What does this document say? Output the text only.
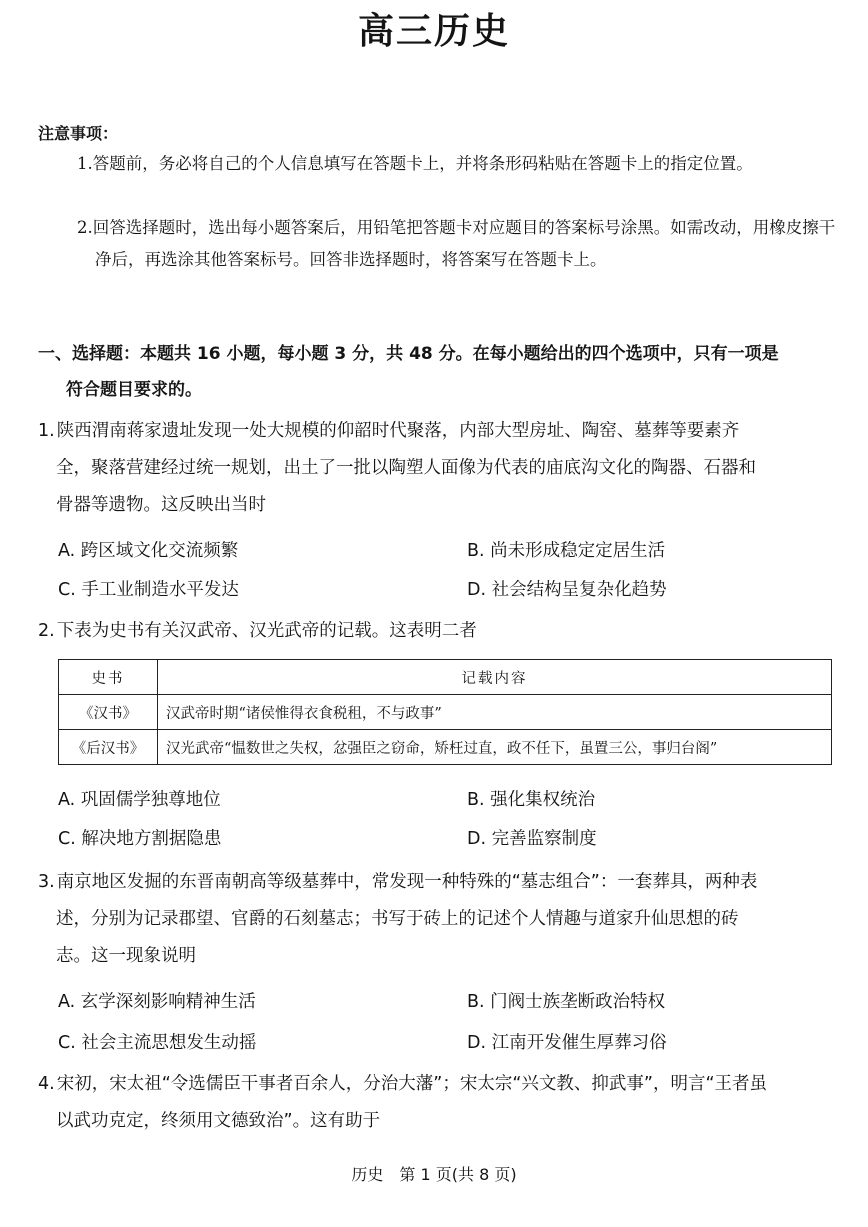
高三历史
注意事项：
1.答题前，务必将自己的个人信息填写在答题卡上，并将条形码粘贴在答题卡上的指定位置。
2.回答选择题时，选出每小题答案后，用铅笔把答题卡对应题目的答案标号涂黑。如需改动，用橡皮擦干净后，再选涂其他答案标号。回答非选择题时，将答案写在答题卡上。
一、选择题：本题共 16 小题，每小题 3 分，共 48 分。在每小题给出的四个选项中，只有一项是
符合题目要求的。
1. 陕西渭南蒋家遗址发现一处大规模的仰韶时代聚落，内部大型房址、陶窑、墓葬等要素齐
全，聚落营建经过统一规划，出土了一批以陶塑人面像为代表的庙底沟文化的陶器、石器和
骨器等遗物。这反映出当时
A. 跨区域文化交流频繁	B. 尚未形成稳定定居生活
C. 手工业制造水平发达	D. 社会结构呈复杂化趋势
2. 下表为史书有关汉武帝、汉光武帝的记载。这表明二者
史书	记载内容
《汉书》	汉武帝时期“诸侯惟得衣食税租，不与政事”
《后汉书》	汉光武帝“愠数世之失权，忿强臣之窃命，矫枉过直，政不任下，虽置三公，事归台阁”
A. 巩固儒学独尊地位	B. 强化集权统治
C. 解决地方割据隐患	D. 完善监察制度
3. 南京地区发掘的东晋南朝高等级墓葬中，常发现一种特殊的“墓志组合”：一套葬具，两种表
述，分别为记录郡望、官爵的石刻墓志；书写于砖上的记述个人情趣与道家升仙思想的砖
志。这一现象说明
A. 玄学深刻影响精神生活	B. 门阀士族垄断政治特权
C. 社会主流思想发生动摇	D. 江南开发催生厚葬习俗
4. 宋初，宋太祖“令选儒臣干事者百余人，分治大藩”；宋太宗“兴文教、抑武事”，明言“王者虽
以武功克定，终须用文德致治”。这有助于
历史　第 1 页(共 8 页)
